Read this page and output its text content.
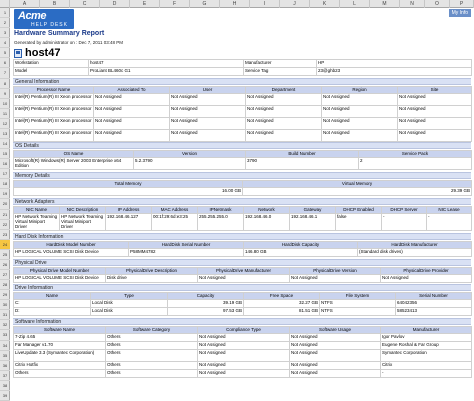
A	B	C	D	E	F	G	H	I	J	K	L	M	N	O	P
1
2
3
4
5
6
7
8
9
10
11
12
13
14
15
16
17
18
19
20
21
22
23
24
25
26
27
28
29
30
31
32
33
34
35
36
37
38
39
Acme
HELP DESK
My Info
Hardware Summary Report
Generated by administrator on : Dec 7, 2011 03:48 PM
host47
Workstation	host47	Manufacturer	HP
Model	ProLiant BL460c G1	Service Tag	23@ghb23
General Information
Processor Name	Associated To	User	Department	Region	Site
Intel(R) Pentium(R) III Xeon processor	Not Assigned	Not Assigned	Not Assigned	Not Assigned	Not Assigned
Intel(R) Pentium(R) III Xeon processor	Not Assigned	Not Assigned	Not Assigned	Not Assigned	Not Assigned
Intel(R) Pentium(R) III Xeon processor	Not Assigned	Not Assigned	Not Assigned	Not Assigned	Not Assigned
Intel(R) Pentium(R) III Xeon processor	Not Assigned	Not Assigned	Not Assigned	Not Assigned	Not Assigned
OS Details
OS Name	Version	Build Number	Service Pack
Microsoft(R) Windows(R) Server 2003 Enterprise x64 Edition	5.2.3790	3790	2
Memory Details
Total Memory	Virtual Memory
16.00 GB	29.39 GB
Network Adapters
NIC Name	NIC Description	IP Address	MAC Address	IPNetmask	Network	Gateway	DHCP Enabled	DHCP Server	NIC Lease
HP Network Teaming Virtual Miniport Driver	HP Network Teaming Virtual Miniport Driver	192.168.46.127	00:1f:29:6d:e3:25	255.255.255.0	192.168.46.0	192.168.46.1	false	-	-
Hard Disk Information
HardDisk Model Number	HardDisk Serial Number	HardDisk Capacity	HardDisk Manufacturer
HP LOGICAL VOLUME SCSI Disk Device	P58MM4782	146.80 GB	(Standard disk drives)
Physical Drive
Physical Drive Model Number	PhysicalDrive Description	PhysicalDrive Manufacturer	PhysicalDrive Version	PhysicalDrive Provider
HP LOGICAL VOLUME SCSI Disk Device	Disk drive	Not Assigned	Not Assigned	Not Assigned
Drive Information
Name	Type	Capacity	Free Space	File System	Serial Number
C:	Local Disk	39.19 GB	32.27 GB	NTFS	64042356
D:	Local Disk	97.53 GB	81.51 GB	NTFS	58523413
Software Information
Software Name	Software Category	Compliance Type	Software Usage	Manufacturer
7-Zip 4.65	Others	Not Assigned	Not Assigned	Igor Pavlov
Far Manager v1.70	Others	Not Assigned	Not Assigned	Eugene Roshal & Far Group
LiveUpdate 3.3 (Symantec Corporation)	Others	Not Assigned	Not Assigned	Symantec Corporation
Citrix Hotfix	Others	Not Assigned	Not Assigned	Citrix
Others	Others	Not Assigned	Not Assigned	-
